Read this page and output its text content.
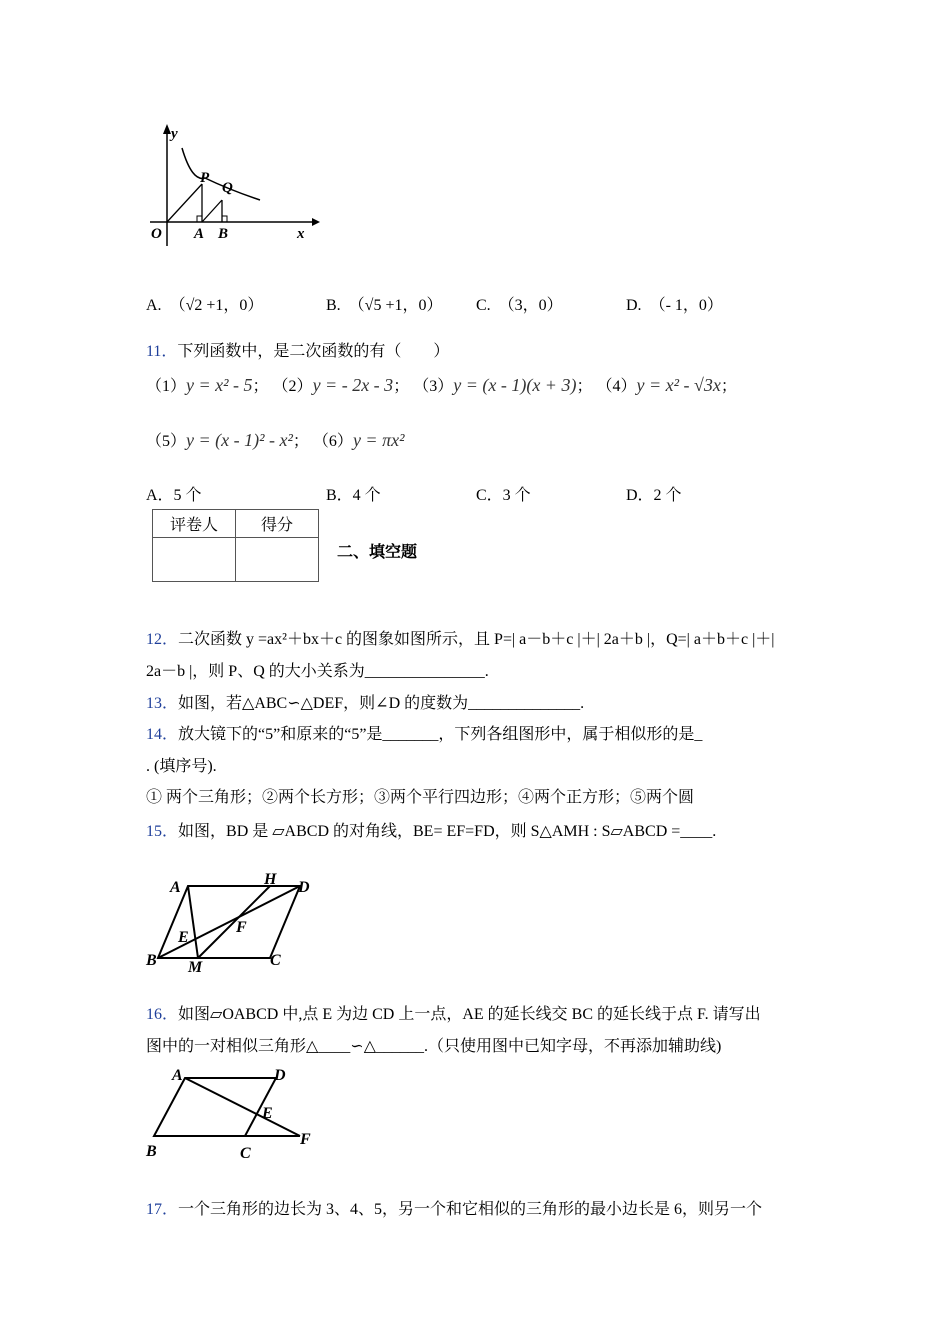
y
x
O A B
P
Q
A. （√2 +1，0）	B. （√5 +1，0） C. （3，0）	D. （- 1，0）
11．下列函数中，是二次函数的有（　　）
（1）y = x² - 5； （2）y = - 2x - 3； （3）y = (x - 1)(x + 3)； （4）y = x² - √3x；
（5）y = (x - 1)² - x²； （6）y = πx²
A．5 个	B．4 个	C．3 个	D．2 个
评卷人	得分

二、填空题
12．二次函数 y =ax²＋bx＋c 的图象如图所示，且 P=| a－b＋c |＋| 2a＋b |，Q=| a＋b＋c |＋|
2a－b |，则 P、Q 的大小关系为_______________.
13．如图，若△ABC∽△DEF，则∠D 的度数为______________.
14．放大镜下的“5”和原来的“5”是_______，下列各组图形中，属于相似形的是_
. (填序号).
① 两个三角形；②两个长方形；③两个平行四边形；④两个正方形；⑤两个圆
15．如图，BD 是 ▱ABCD 的对角线，BE= EF=FD，则 S△AMH : S▱ABCD =____.
A	H D
E
F
B M	C
16．如图▱OABCD 中,点 E 为边 CD 上一点，AE 的延长线交 BC 的延长线于点 F. 请写出
图中的一对相似三角形△____∽△______.（只使用图中已知字母，不再添加辅助线)
A	D
E
B	C
F
17．一个三角形的边长为 3、4、5，另一个和它相似的三角形的最小边长是 6，则另一个
